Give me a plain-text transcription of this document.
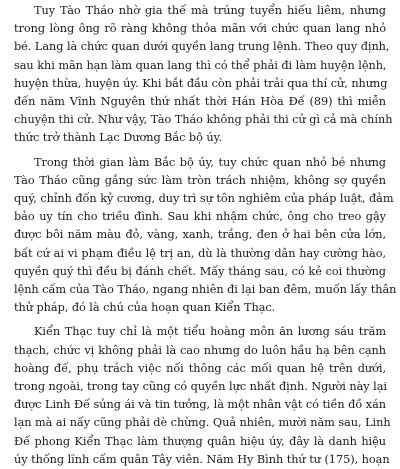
Tuy Tào Tháo nhờ gia thế mà trúng tuyển hiếu liêm, nhưng
trong lòng ông rõ ràng không thỏa mãn với chức quan lang nhỏ
bé. Lang là chức quan dưới quyền lang trung lệnh. Theo quy định,
sau khi mãn hạn làm quan lang thì có thể phải đi làm huyện lệnh,
huyện thừa, huyện úy. Khi bắt đầu còn phải trải qua thí cử, nhưng
đến năm Vĩnh Nguyên thứ nhất thời Hán Hòa Đế (89) thì miễn
chuyện thi cử. Như vậy, Tào Tháo không phải thi cử gì cả mà chính
thức trở thành Lạc Dương Bắc bộ úy.

Trong thời gian làm Bắc bộ úy, tuy chức quan nhỏ bé nhưng
Tào Tháo cũng gắng sức làm tròn trách nhiệm, không sợ quyền
quý, chỉnh đốn kỷ cương, duy trì sự tôn nghiêm của pháp luật, đảm
bảo uy tín cho triều đình. Sau khi nhậm chức, ông cho treo gậy
được bôi năm màu đỏ, vàng, xanh, trắng, đen ở hai bên cửa lớn,
bất cứ ai vi phạm điều lệ trị an, dù là thường dân hay cường hào,
quyền quý thì đều bị đánh chết. Mấy tháng sau, có kẻ coi thường
lệnh cấm của Tào Tháo, ngang nhiên đi lại ban đêm, muốn lấy thân
thử pháp, đó là chú của hoạn quan Kiển Thạc.

Kiển Thạc tuy chỉ là một tiểu hoàng môn ăn lương sáu trăm
thạch, chức vị không phải là cao nhưng do luôn hầu hạ bên cạnh
hoàng đế, phụ trách việc nối thông các mối quan hệ trên dưới,
trong ngoài, trong tay cũng có quyền lực nhất định. Người này lại
được Linh Đế sủng ái và tin tưởng, là một nhân vật có tiền đồ xán
lạn mà ai nấy cũng phải dè chừng. Quả nhiên, mười năm sau, Linh
Đế phong Kiển Thạc làm thượng quân hiệu úy, đây là danh hiệu
úy thống lĩnh cấm quân Tây viên. Năm Hy Bình thứ tư (175), hoạn
